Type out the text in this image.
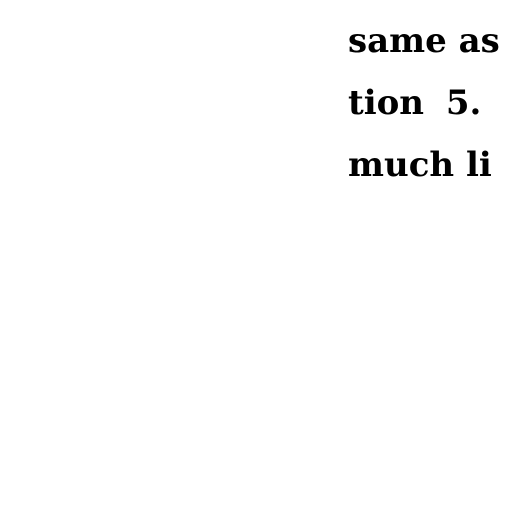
same as

tion 5.

much li
